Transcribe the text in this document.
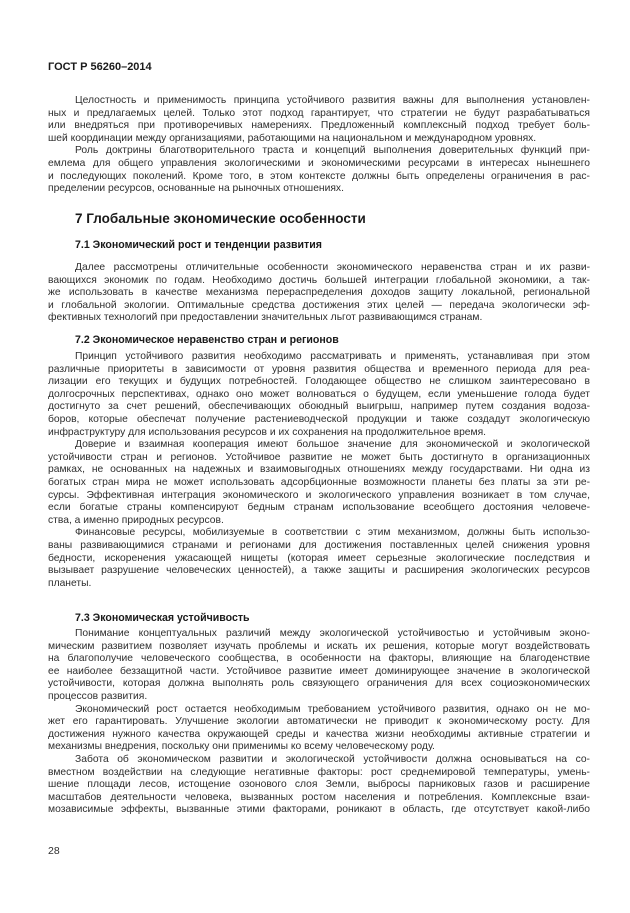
ГОСТ Р 56260–2014
Целостность и применимость принципа устойчивого развития важны для выполнения установлен-
ных и предлагаемых целей. Только этот подход гарантирует, что стратегии не будут разрабатываться
или внедряться при противоречивых намерениях. Предложенный комплексный подход требует боль-
шей координации между организациями, работающими на национальном и международном уровнях.
Роль доктрины благотворительного траста и концепций выполнения доверительных функций при-
емлема для общего управления экологическими и экономическими ресурсами в интересах нынешнего
и последующих поколений. Кроме того, в этом контексте должны быть определены ограничения в рас-
пределении ресурсов, основанные на рыночных отношениях.
7 Глобальные экономические особенности
7.1 Экономический рост и тенденции развития
Далее рассмотрены отличительные особенности экономического неравенства стран и их разви-
вающихся экономик по годам. Необходимо достичь большей интеграции глобальной экономики, а так-
же использовать в качестве механизма перераспределения доходов защиту локальной, региональной
и глобальной экологии. Оптимальные средства достижения этих целей — передача экологически эф-
фективных технологий при предоставлении значительных льгот развивающимся странам.
7.2 Экономическое неравенство стран и регионов
Принцип устойчивого развития необходимо рассматривать и применять, устанавливая при этом
различные приоритеты в зависимости от уровня развития общества и временного периода для реа-
лизации его текущих и будущих потребностей. Голодающее общество не слишком заинтересовано в
долгосрочных перспективах, однако оно может волноваться о будущем, если уменьшение голода будет
достигнуто за счет решений, обеспечивающих обоюдный выигрыш, например путем создания водоза-
боров, которые обеспечат получение растениеводческой продукции и также создадут экологическую
инфраструктуру для использования ресурсов и их сохранения на продолжительное время.
Доверие и взаимная кооперация имеют большое значение для экономической и экологической
устойчивости стран и регионов. Устойчивое развитие не может быть достигнуто в организационных
рамках, не основанных на надежных и взаимовыгодных отношениях между государствами. Ни одна из
богатых стран мира не может использовать адсорбционные возможности планеты без платы за эти ре-
сурсы. Эффективная интеграция экономического и экологического управления возникает в том случае,
если богатые страны компенсируют бедным странам использование всеобщего достояния человече-
ства, а именно природных ресурсов.
Финансовые ресурсы, мобилизуемые в соответствии с этим механизмом, должны быть использо-
ваны развивающимися странами и регионами для достижения поставленных целей снижения уровня
бедности, искоренения ужасающей нищеты (которая имеет серьезные экологические последствия и
вызывает разрушение человеческих ценностей), а также защиты и расширения экологических ресурсов
планеты.
7.3 Экономическая устойчивость
Понимание концептуальных различий между экологической устойчивостью и устойчивым эконо-
мическим развитием позволяет изучать проблемы и искать их решения, которые могут воздействовать
на благополучие человеческого сообщества, в особенности на факторы, влияющие на благоденствие
ее наиболее беззащитной части. Устойчивое развитие имеет доминирующее значение в экологической
устойчивости, которая должна выполнять роль связующего ограничения для всех социоэкономических
процессов развития.
Экономический рост остается необходимым требованием устойчивого развития, однако он не мо-
жет его гарантировать. Улучшение экологии автоматически не приводит к экономическому росту. Для
достижения нужного качества окружающей среды и качества жизни необходимы активные стратегии и
механизмы внедрения, поскольку они применимы ко всему человеческому роду.
Забота об экономическом развитии и экологической устойчивости должна основываться на со-
вместном воздействии на следующие негативные факторы: рост среднемировой температуры, умень-
шение площади лесов, истощение озонового слоя Земли, выбросы парниковых газов и расширение
масштабов деятельности человека, вызванных ростом населения и потребления. Комплексные взаи-
мозависимые эффекты, вызванные этими факторами, роникают в область, где отсутствует какой-либо
28
